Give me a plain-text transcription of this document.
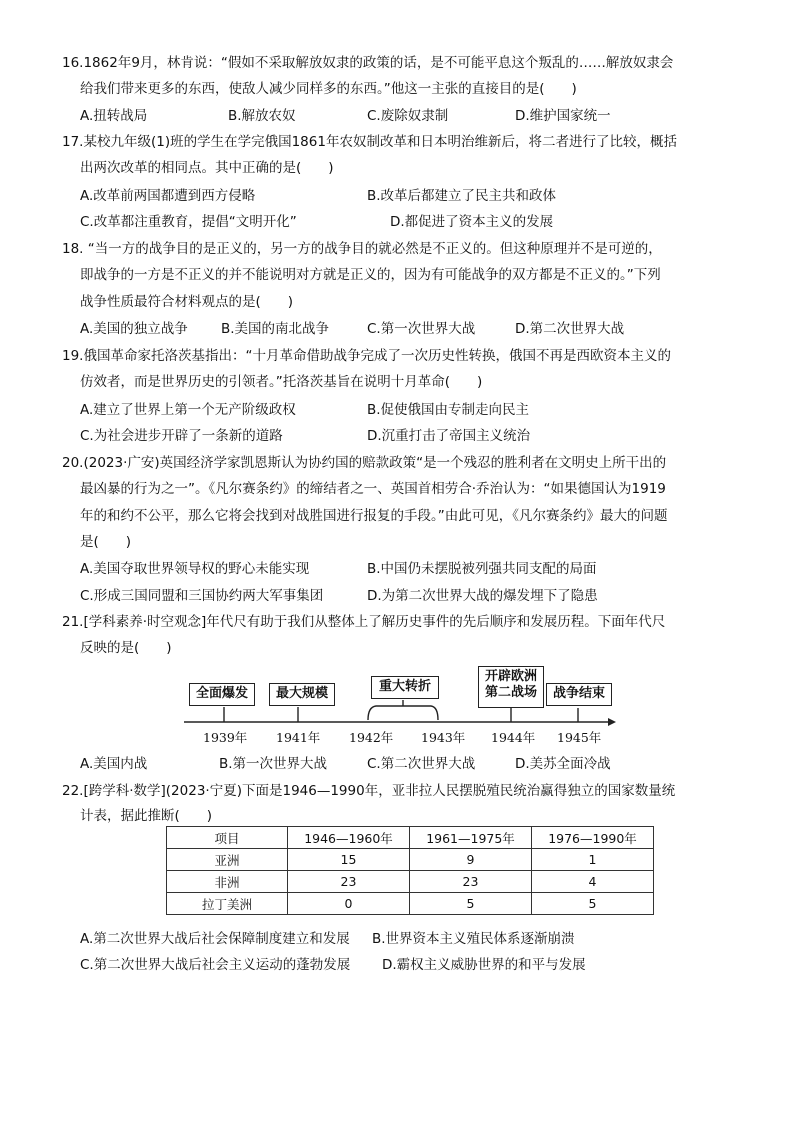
16.1862年9月，林肯说：“假如不采取解放奴隶的政策的话，是不可能平息这个叛乱的……解放奴隶会
给我们带来更多的东西，使敌人减少同样多的东西。”他这一主张的直接目的是(　　)
A.扭转战局	B.解放农奴	C.废除奴隶制	D.维护国家统一
17.某校九年级(1)班的学生在学完俄国1861年农奴制改革和日本明治维新后，将二者进行了比较，概括
出两次改革的相同点。其中正确的是(　　)
A.改革前两国都遭到西方侵略	B.改革后都建立了民主共和政体
C.改革都注重教育，提倡“文明开化”	D.都促进了资本主义的发展
18. “当一方的战争目的是正义的，另一方的战争目的就必然是不正义的。但这种原理并不是可逆的，
即战争的一方是不正义的并不能说明对方就是正义的，因为有可能战争的双方都是不正义的。”下列
战争性质最符合材料观点的是(　　)
A.美国的独立战争 B.美国的南北战争	C.第一次世界大战	D.第二次世界大战
19.俄国革命家托洛茨基指出：“十月革命借助战争完成了一次历史性转换，俄国不再是西欧资本主义的
仿效者，而是世界历史的引领者。”托洛茨基旨在说明十月革命(　　)
A.建立了世界上第一个无产阶级政权	B.促使俄国由专制走向民主
C.为社会进步开辟了一条新的道路	D.沉重打击了帝国主义统治
20.(2023·广安)英国经济学家凯恩斯认为协约国的赔款政策“是一个残忍的胜利者在文明史上所干出的
最凶暴的行为之一”。《凡尔赛条约》的缔结者之一、英国首相劳合·乔治认为：“如果德国认为1919
年的和约不公平，那么它将会找到对战胜国进行报复的手段。”由此可见，《凡尔赛条约》最大的问题
是(　　)
A.美国夺取世界领导权的野心未能实现	B.中国仍未摆脱被列强共同支配的局面
C.形成三国同盟和三国协约两大军事集团	D.为第二次世界大战的爆发埋下了隐患
21.[学科素养·时空观念]年代尺有助于我们从整体上了解历史事件的先后顺序和发展历程。下面年代尺
反映的是(　　)
全面爆发	最大规模	重大转折
开辟欧洲
第二战场	战争结束
1939年 1941年 1942年 1943年 1944年 1945年
A.美国内战	B.第一次世界大战	C.第二次世界大战	D.美苏全面冷战
22.[跨学科·数学](2023·宁夏)下面是1946—1990年，亚非拉人民摆脱殖民统治赢得独立的国家数量统
计表，据此推断(　　)
项目	1946—1960年	1961—1975年	1976—1990年
亚洲	15	9	1
非洲	23	23	4
拉丁美洲	0	5	5
A.第二次世界大战后社会保障制度建立和发展 B.世界资本主义殖民体系逐渐崩溃
C.第二次世界大战后社会主义运动的蓬勃发展 D.霸权主义威胁世界的和平与发展
